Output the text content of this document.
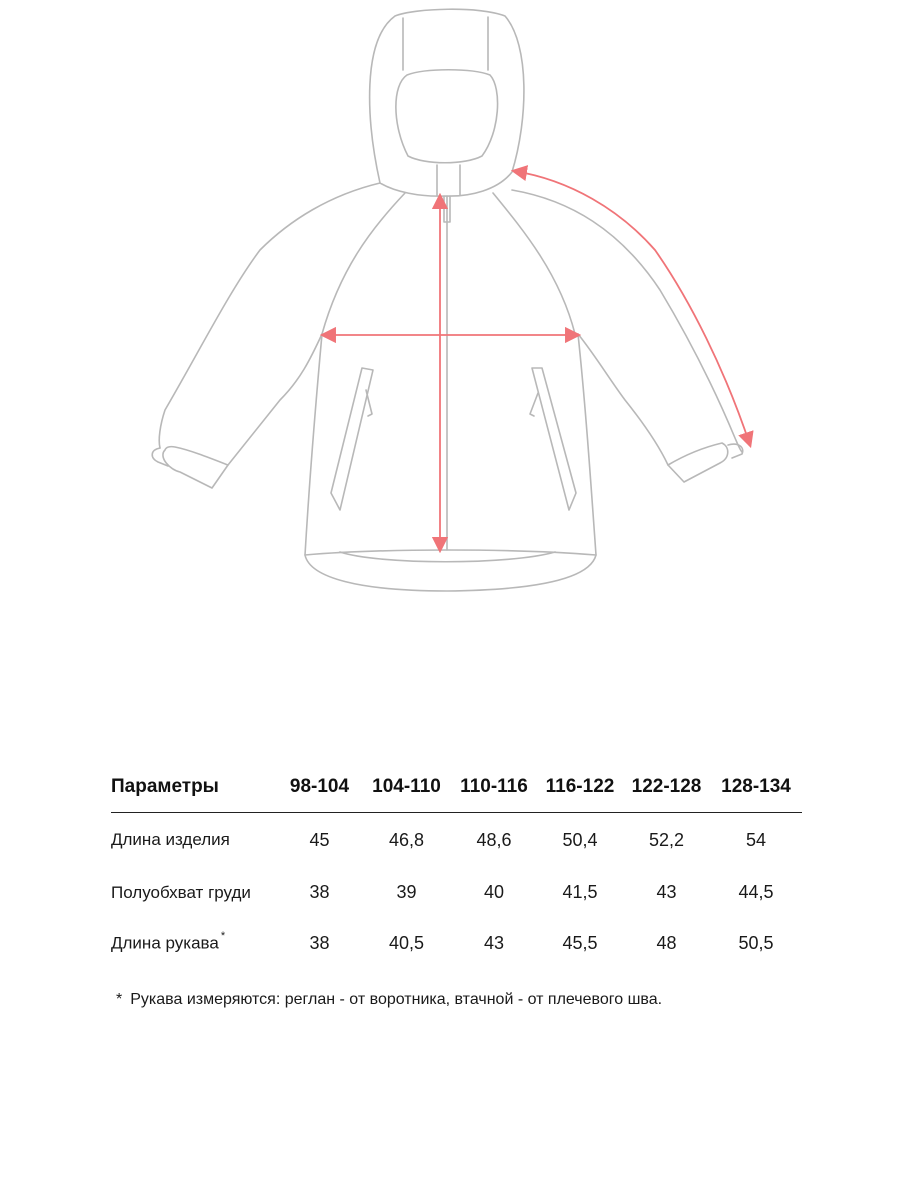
Параметры	98-104	104-110	110-116	116-122	122-128	128-134
Длина изделия	45	46,8	48,6	50,4	52,2	54
Полуобхват груди	38	39	40	41,5	43	44,5
Длина рукава *	38	40,5	43	45,5	48	50,5
* Рукава измеряются: реглан - от воротника, втачной - от плечевого шва.
